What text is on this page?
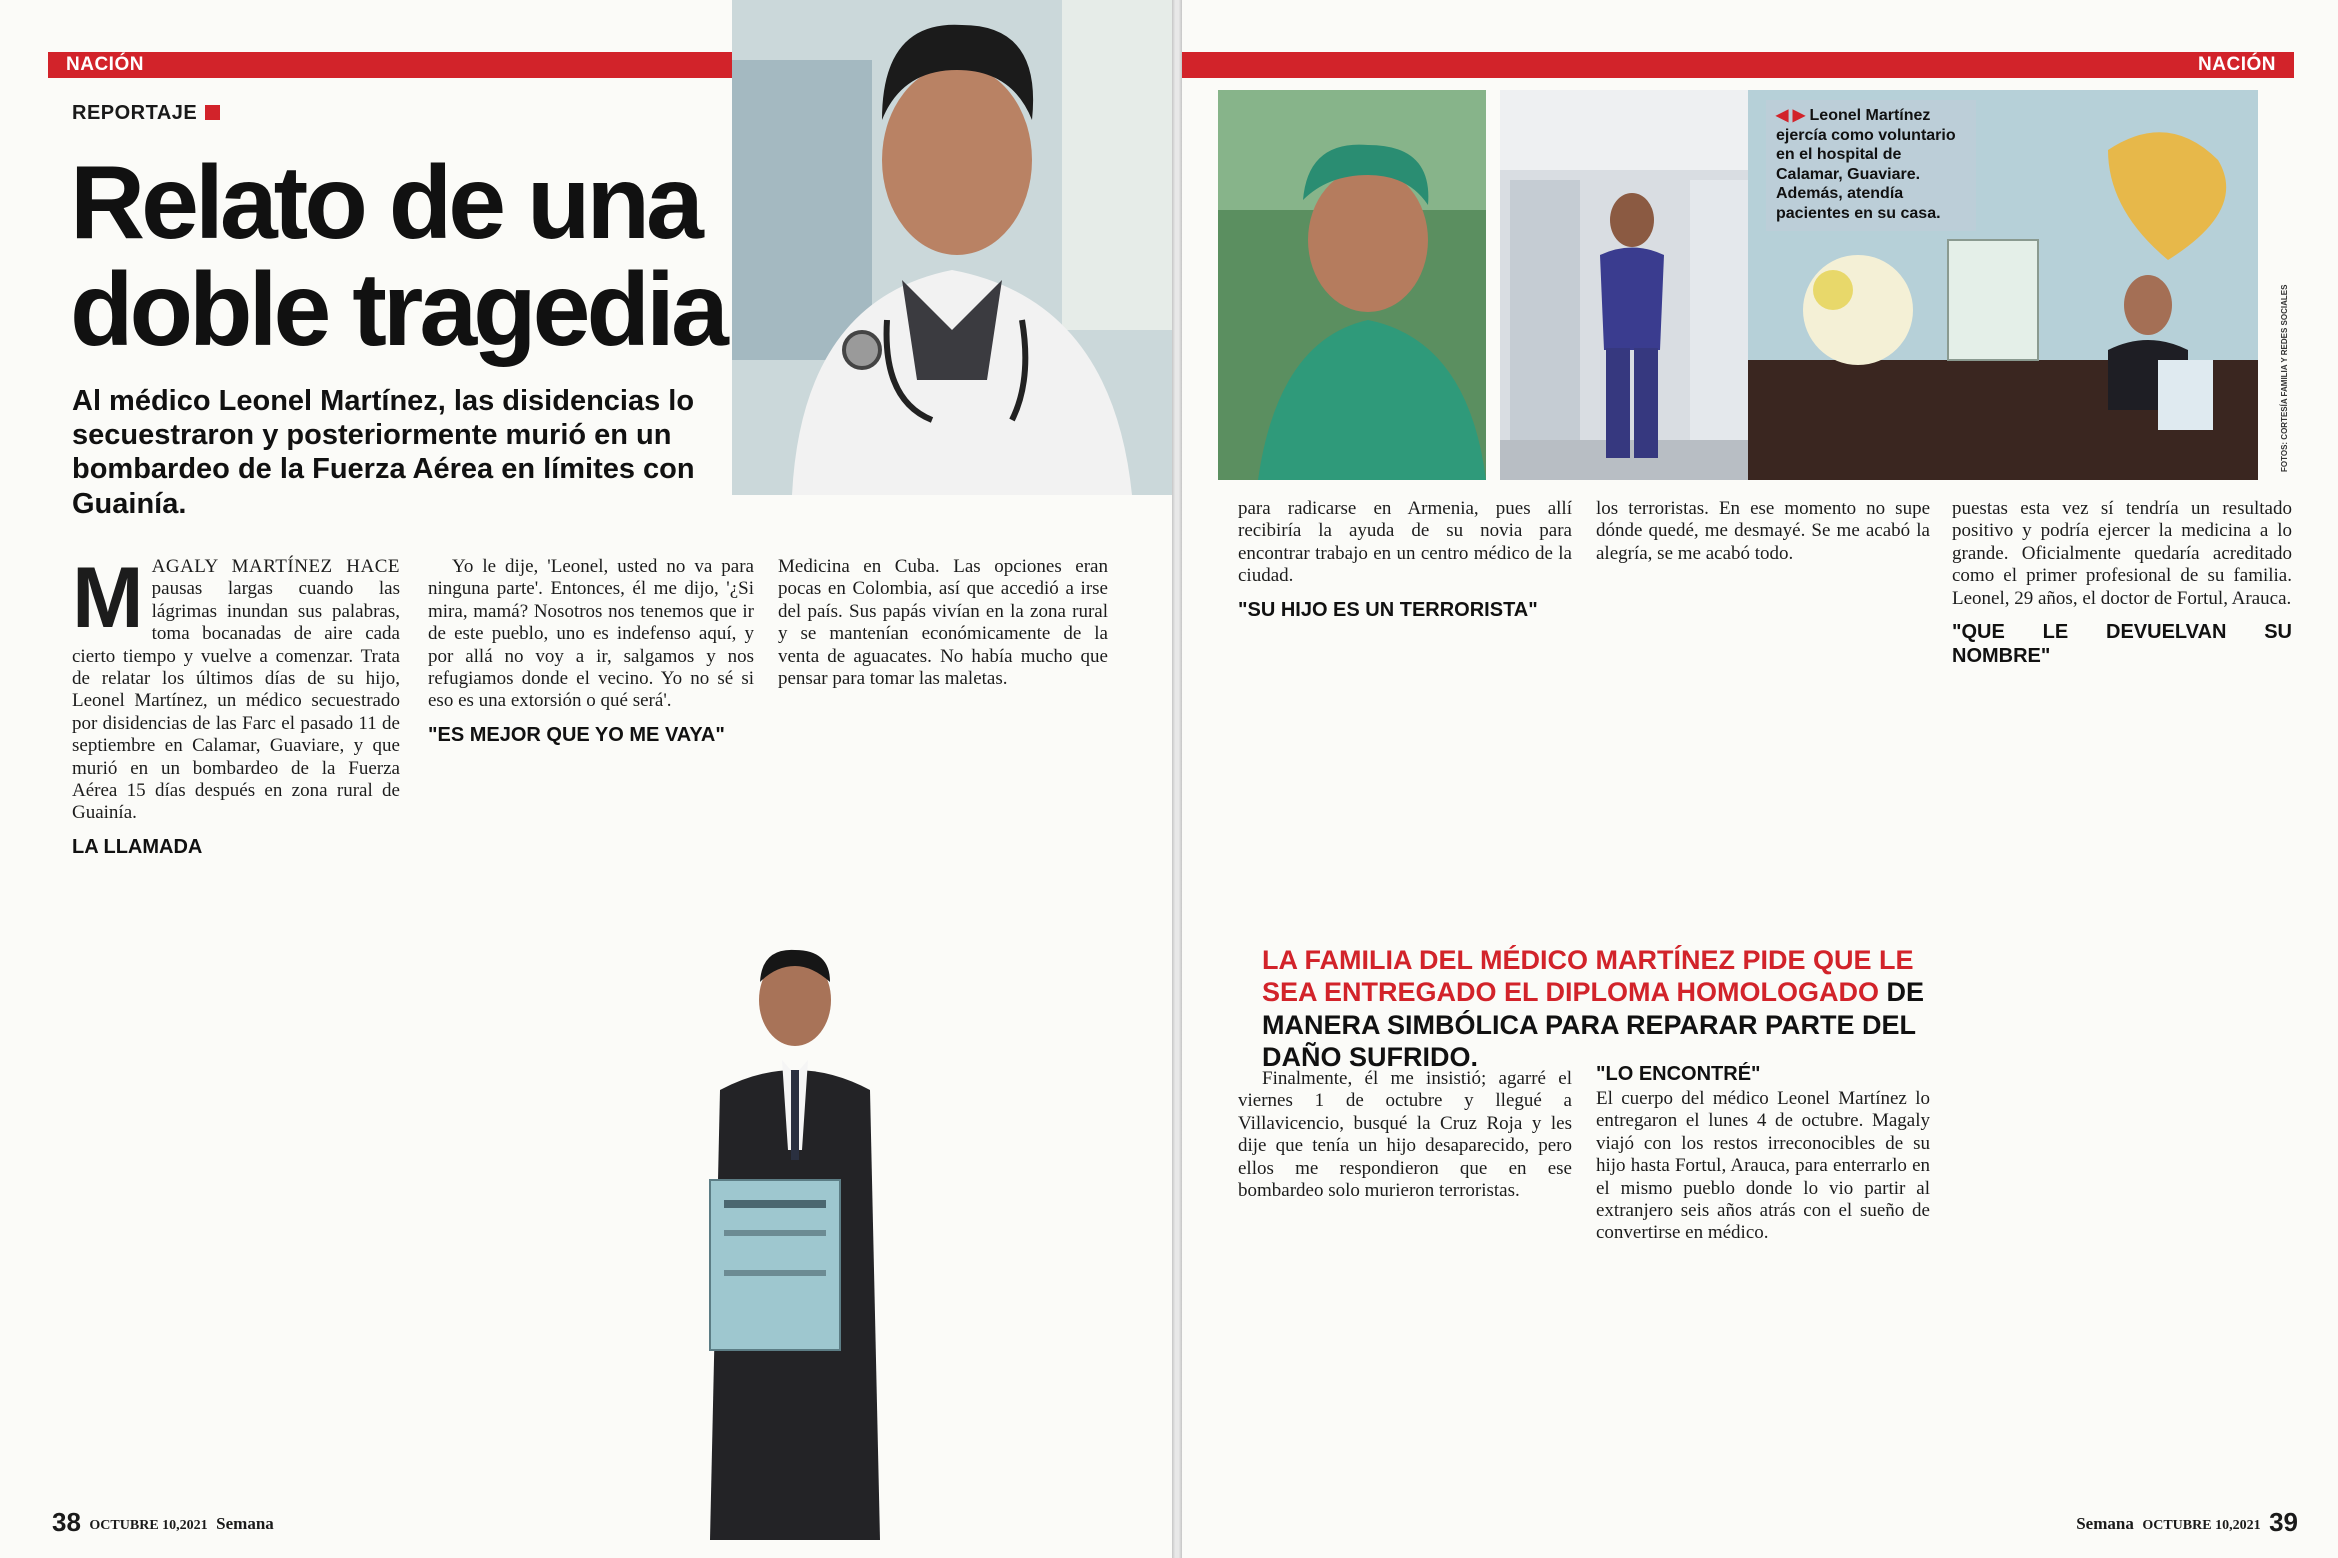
NACIÓN
REPORTAJE
Relato de una doble tragedia
Al médico Leonel Martínez, las disidencias lo secuestraron y posteriormente murió en un bombardeo de la Fuerza Aérea en límites con Guainía.

MAGALY MARTÍNEZ HACE pausas largas cuando las lágrimas inundan sus palabras, toma bocanadas de aire cada cierto tiempo y vuelve a comenzar. Trata de relatar los últimos días de su hijo, Leonel Martínez, un médico secuestrado por disidencias de las Farc el pasado 11 de septiembre en Calamar, Guaviare, y que murió en un bombardeo de la Fuerza Aérea 15 días después en zona rural de Guainía.

LA LLAMADA

Yo le dije, 'Leonel, usted no va para ninguna parte'. Entonces, él me dijo, '¿Si mira, mamá? Nosotros nos tenemos que ir de este pueblo, uno es indefenso aquí, y por allá no voy a ir, salgamos y nos refugiamos donde el vecino. Yo no sé si eso es una extorsión o qué será'.

"ES MEJOR QUE YO ME VAYA"

Medicina en Cuba. Las opciones eran pocas en Colombia, así que accedió a irse del país. Sus papás vivían en la zona rural y se mantenían económicamente de la venta de aguacates. No había mucho que pensar para tomar las maletas.

38 OCTUBRE 10,2021 Semana
NACIÓN
◀ ▶ Leonel Martínez ejercía como voluntario en el hospital de Calamar, Guaviare. Además, atendía pacientes en su casa.
FOTOS: CORTESÍA FAMILIA Y REDES SOCIALES

para radicarse en Armenia, pues allí recibiría la ayuda de su novia para encontrar trabajo en un centro médico de la ciudad.

"SU HIJO ES UN TERRORISTA"

los terroristas. En ese momento no supe dónde quedé, me desmayé. Se me acabó la alegría, se me acabó todo.

puestas esta vez sí tendría un resultado positivo y podría ejercer la medicina a lo grande. Oficialmente quedaría acreditado como el primer profesional de su familia. Leonel, 29 años, el doctor de Fortul, Arauca.

"QUE LE DEVUELVAN SU NOMBRE"

Finalmente, él me insistió; agarré el viernes 1 de octubre y llegué a Villavicencio, busqué la Cruz Roja y les dije que tenía un hijo desaparecido, pero ellos me respondieron que en ese bombardeo solo murieron terroristas.

"LO ENCONTRÉ"

El cuerpo del médico Leonel Martínez lo entregaron el lunes 4 de octubre. Magaly viajó con los restos irreconocibles de su hijo hasta Fortul, Arauca, para enterrarlo en el mismo pueblo donde lo vio partir al extranjero seis años atrás con el sueño de convertirse en médico.

Semana OCTUBRE 10,2021 39
LA FAMILIA DEL MÉDICO MARTÍNEZ PIDE QUE LE SEA ENTREGADO EL DIPLOMA HOMOLOGADO DE MANERA SIMBÓLICA PARA REPARAR PARTE DEL DAÑO SUFRIDO.
